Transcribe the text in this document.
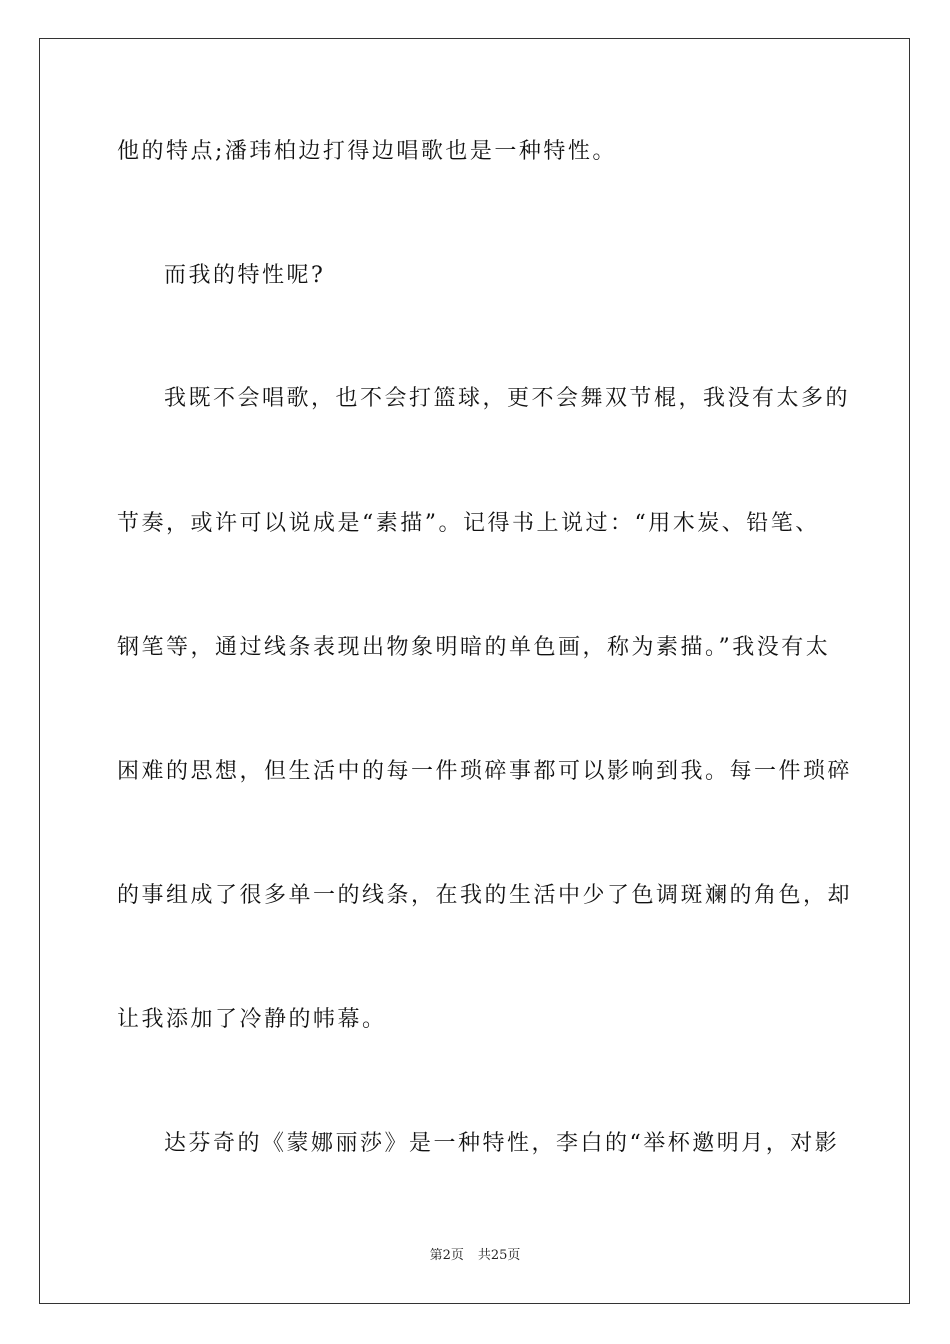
他的特点;潘玮柏边打得边唱歌也是一种特性。
而我的特性呢?
我既不会唱歌，也不会打篮球，更不会舞双节棍，我没有太多的
节奏，或许可以说成是“素描”。记得书上说过：“用木炭、铅笔、
钢笔等，通过线条表现出物象明暗的单色画，称为素描。”我没有太
困难的思想，但生活中的每一件琐碎事都可以影响到我。每一件琐碎
的事组成了很多单一的线条，在我的生活中少了色调斑斓的角色，却
让我添加了冷静的帏幕。
达芬奇的《蒙娜丽莎》是一种特性，李白的“举杯邀明月，对影
第2页 共25页
